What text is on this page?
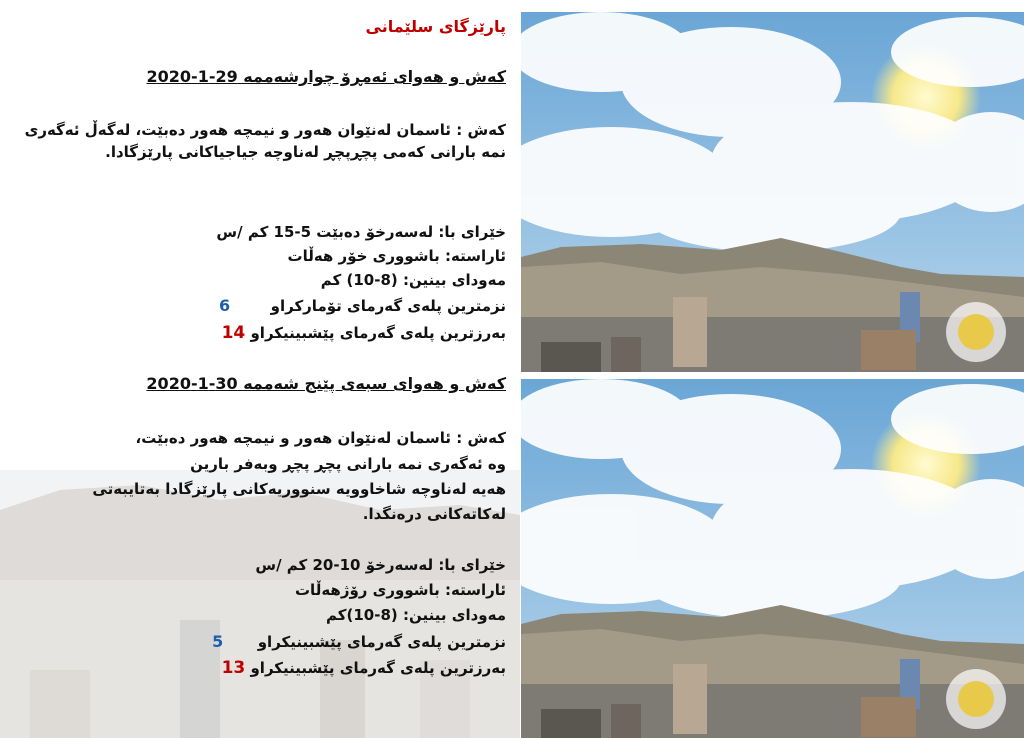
پارێزگای سلێمانی
کەش و هەوای ئەمڕۆ چوارشەممە 29-1-2020
کەش : ئاسمان لەنێوان هەور و نیمچە هەور دەبێت، لەگەڵ ئەگەری
نمە بارانی کەمی پچڕپچڕ لەناوچە جیاجیاکانی پارێزگادا.
خێرای با: لەسەرخۆ دەبێت 5-15 کم /س
ئاراستە: باشووری خۆر هەڵات
مەودای بینین: (8-10) کم
نزمترین پلەی گەرمای تۆمارکراو  6
بەرزترین پلەی گەرمای پێشبینیکراو 14
کەش و هەوای سبەی پێنج شەممە 30-1-2020
کەش : ئاسمان لەنێوان هەور و نیمچە هەور دەبێت،
وە ئەگەری نمە بارانی پچڕ پچڕ وبەفر بارین
هەیە لەناوچە شاخاوویە سنووریەکانی پارێزگادا بەتایبەتی
لەکاتەکانی درەنگدا.
خێرای با: لەسەرخۆ 10-20 کم /س
ئاراستە: باشووری رۆژهەڵات
مەودای بینین: (8-10)کم
نزمترین پلەی گەرمای پێشبینیکراو  5
بەرزترین پلەی گەرمای پێشبینیکراو 13
